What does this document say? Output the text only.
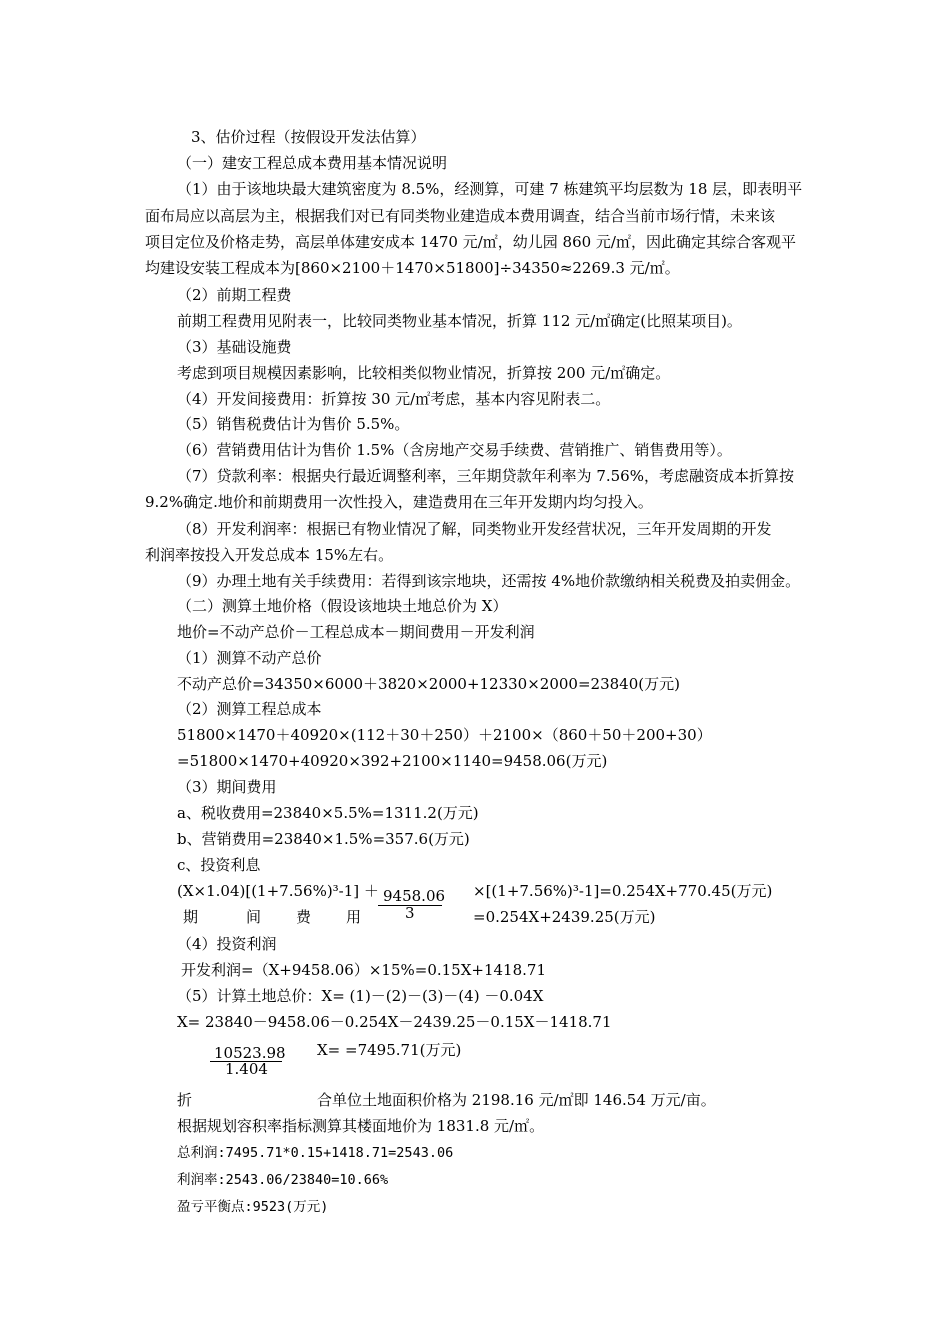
3、估价过程（按假设开发法估算）

（一）建安工程总成本费用基本情况说明

（1）由于该地块最大建筑密度为 8.5%，经测算，可建 7 栋建筑平均层数为 18 层，即表明平

面布局应以高层为主，根据我们对已有同类物业建造成本费用调查，结合当前市场行情，未来该

项目定位及价格走势，高层单体建安成本 1470 元/㎡，幼儿园 860 元/㎡，因此确定其综合客观平

均建设安装工程成本为[860×2100＋1470×51800]÷34350≈2269.3 元/㎡。

（2）前期工程费

前期工程费用见附表一，比较同类物业基本情况，折算 112 元/㎡确定(比照某项目)。

（3）基础设施费

考虑到项目规模因素影响，比较相类似物业情况，折算按 200 元/㎡确定。

（4）开发间接费用：折算按 30 元/㎡考虑，基本内容见附表二。

（5）销售税费估计为售价 5.5%。

（6）营销费用估计为售价 1.5%（含房地产交易手续费、营销推广、销售费用等）。

（7）贷款利率：根据央行最近调整利率，三年期贷款年利率为 7.56%，考虑融资成本折算按

9.2%确定.地价和前期费用一次性投入，建造费用在三年开发期内均匀投入。

（8）开发利润率：根据已有物业情况了解，同类物业开发经营状况，三年开发周期的开发

利润率按投入开发总成本 15%左右。

（9）办理土地有关手续费用：若得到该宗地块，还需按 4%地价款缴纳相关税费及拍卖佣金。

（二）测算土地价格（假设该地块土地总价为 X）

地价=不动产总价－工程总成本－期间费用－开发利润

（1）测算不动产总价

不动产总价=34350×6000＋3820×2000+12330×2000=23840(万元)

（2）测算工程总成本

51800×1470＋40920×(112＋30＋250）＋2100×（860＋50＋200+30）

=51800×1470+40920×392+2100×1140=9458.06(万元)

（3）期间费用

a、税收费用=23840×5.5%=1311.2(万元)

b、营销费用=23840×1.5%=357.6(万元)

c、投资利息

(X×1.04)[(1+7.56%)³-1] ＋ 9458.06

3

×[(1+7.56%)³-1]=0.254X+770.45(万元)

=0.254X+2439.25(万元)

期	间 费 用

（4）投资利润

开发利润=（X+9458.06）×15%=0.15X+1418.71

（5）计算土地总价：X= (1)－(2)－(3)－(4) －0.04X

X= 23840－9458.06－0.254X－2439.25－0.15X－1418.71

10523.98

1.404

X= =7495.71(万元)

折	合单位土地面积价格为 2198.16 元/㎡即 146.54 万元/亩。

根据规划容积率指标测算其楼面地价为 1831.8 元/㎡。

总利润:7495.71*0.15+1418.71=2543.06

利润率:2543.06/23840=10.66%

盈亏平衡点:9523(万元)
